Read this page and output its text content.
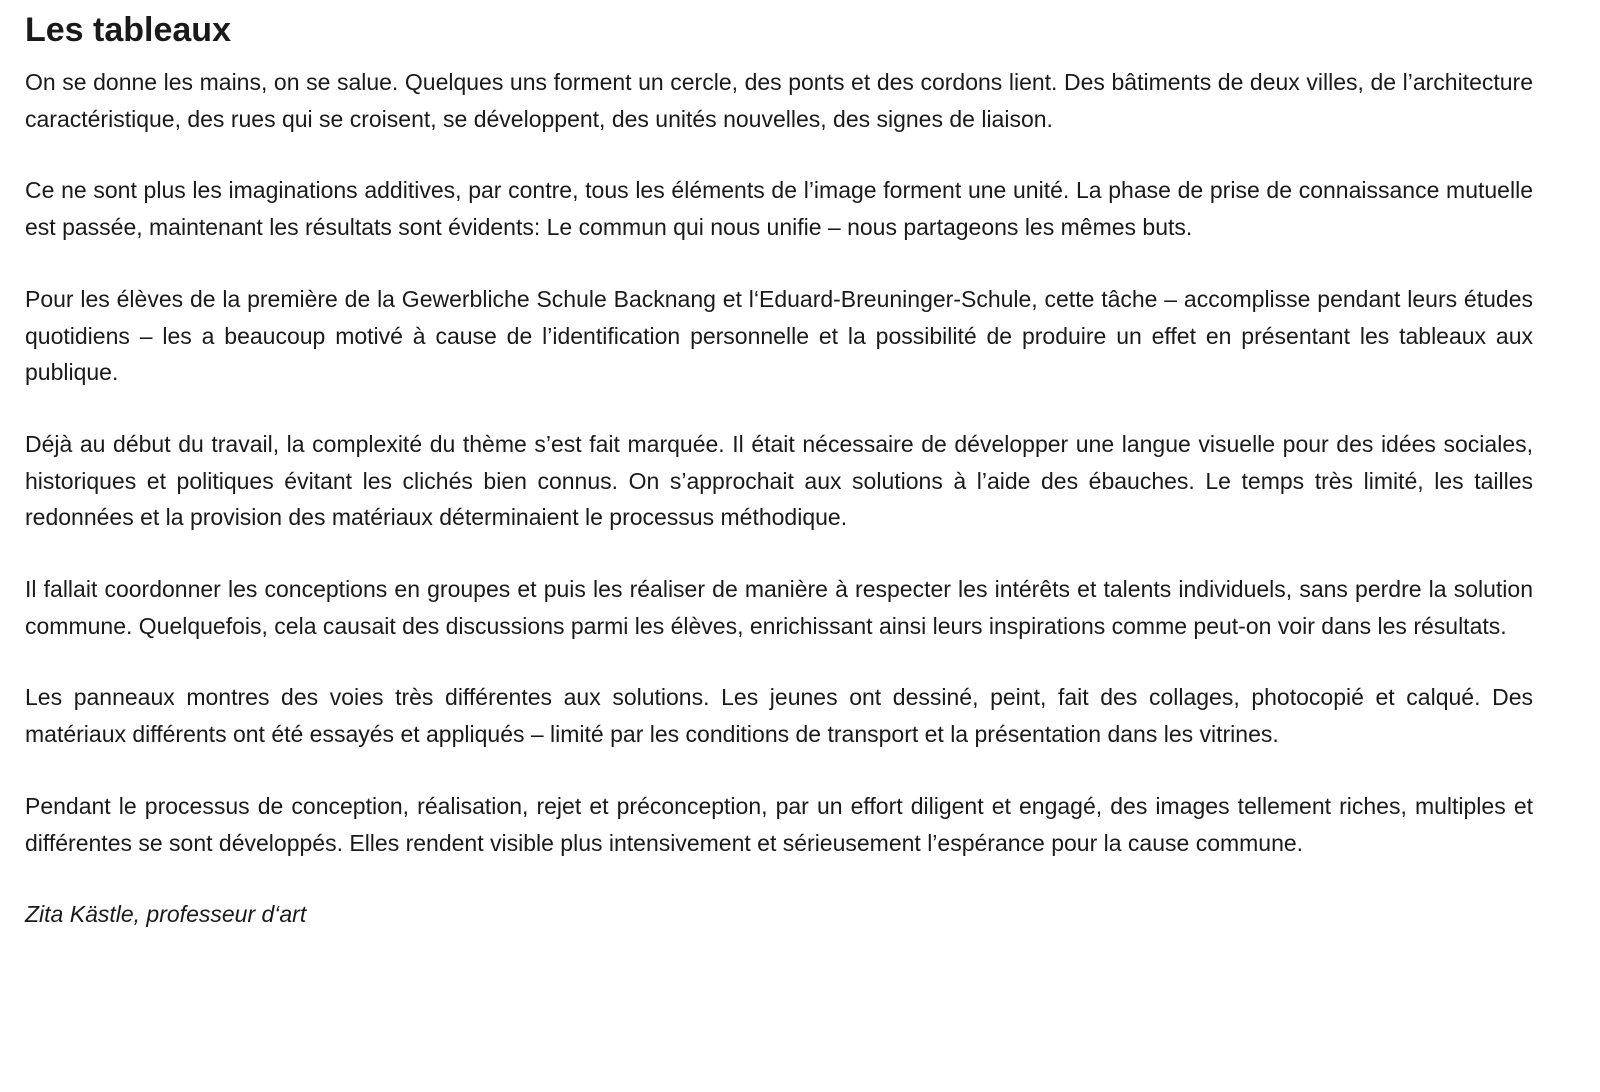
Les tableaux

On se donne les mains, on se salue. Quelques uns forment un cercle, des ponts et des cordons lient. Des bâtiments de deux villes, de l’architecture caractéristique, des rues qui se croisent, se développent, des unités nouvelles, des signes de liaison.

Ce ne sont plus les imaginations additives, par contre, tous les éléments de l’image forment une unité. La phase de prise de connaissance mutuelle est passée, maintenant les résultats sont évidents: Le commun qui nous unifie – nous partageons les mêmes buts.

Pour les élèves de la première de la Gewerbliche Schule Backnang et l‘Eduard-Breuninger-Schule, cette tâche – accomplisse pendant leurs études quotidiens – les a beaucoup motivé à cause de l’identification personnelle et la possibilité de produire un effet en présentant les tableaux aux publique.

Déjà au début du travail, la complexité du thème s’est fait marquée. Il était nécessaire de développer une langue visuelle pour des idées sociales, historiques et politiques évitant les clichés bien connus. On s’approchait aux solutions à l’aide des ébauches. Le temps très limité, les tailles redonnées et la provision des matériaux déterminaient le processus méthodique.

Il fallait coordonner les conceptions en groupes et puis les réaliser de manière à respecter les intérêts et talents individuels, sans perdre la solution commune. Quelquefois, cela causait des discussions parmi les élèves, enrichissant ainsi leurs inspirations comme peut-on voir dans les résultats.

Les panneaux montres des voies très différentes aux solutions. Les jeunes ont dessiné, peint, fait des collages, photocopié et calqué. Des matériaux différents ont été essayés et appliqués – limité par les conditions de transport et la présentation dans les vitrines.

Pendant le processus de conception, réalisation, rejet et préconception, par un effort diligent et engagé, des images tellement riches, multiples et différentes se sont développés. Elles rendent visible plus intensivement et sérieusement l’espérance pour la cause commune.

Zita Kästle, professeur d‘art
